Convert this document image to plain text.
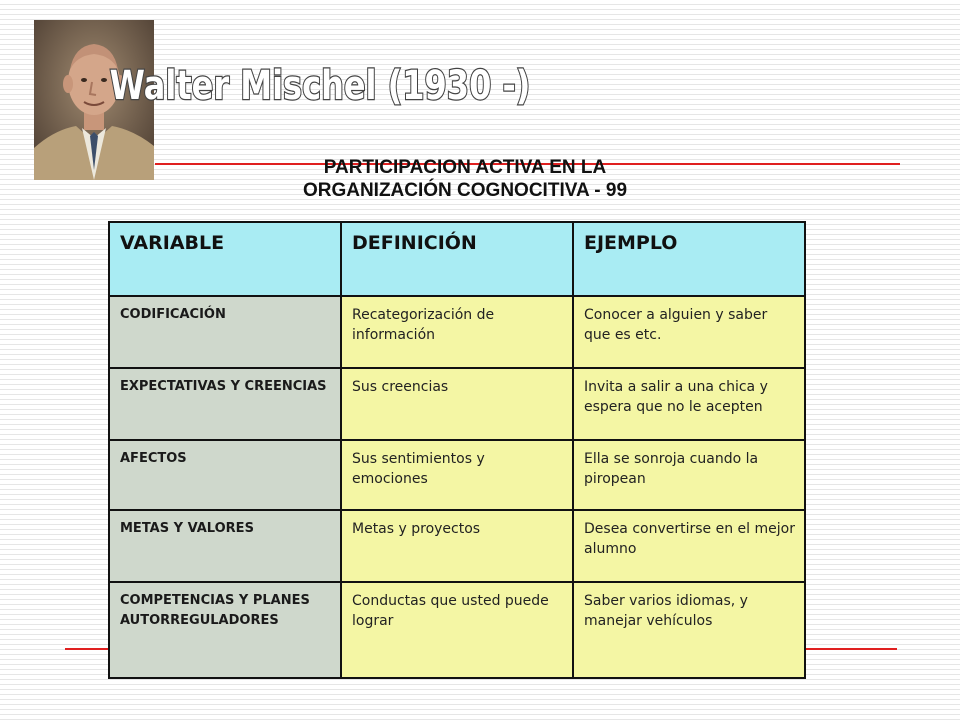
Walter Mischel (1930 -)
PARTICIPACION ACTIVA EN LA
ORGANIZACIÓN COGNOCITIVA - 99
VARIABLE	DEFINICIÓN	EJEMPLO
CODIFICACIÓN	Recategorización de información	Conocer a alguien y saber que es etc.
EXPECTATIVAS Y CREENCIAS	Sus creencias	Invita a salir a una chica y espera que no le acepten
AFECTOS	Sus sentimientos y emociones	Ella se sonroja cuando la piropean
METAS Y VALORES	Metas y proyectos	Desea convertirse en el mejor alumno
COMPETENCIAS Y PLANES AUTORREGULADORES	Conductas que usted puede lograr	Saber varios idiomas, y manejar vehículos
